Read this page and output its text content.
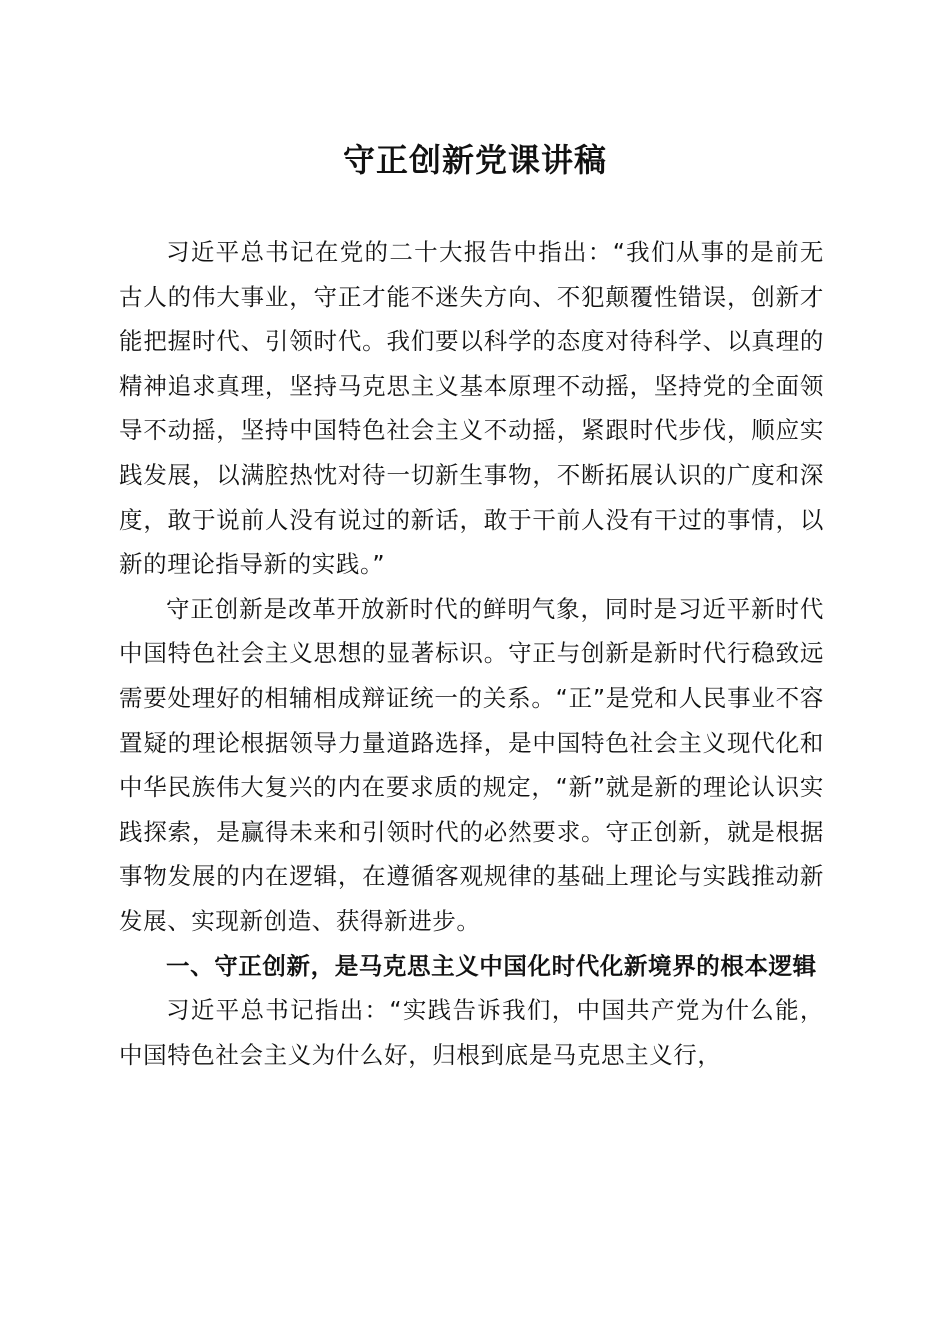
守正创新党课讲稿

习近平总书记在党的二十大报告中指出：“我们从事的是前无古人的伟大事业，守正才能不迷失方向、不犯颠覆性错误，创新才能把握时代、引领时代。我们要以科学的态度对待科学、以真理的精神追求真理，坚持马克思主义基本原理不动摇，坚持党的全面领导不动摇，坚持中国特色社会主义不动摇，紧跟时代步伐，顺应实践发展，以满腔热忱对待一切新生事物，不断拓展认识的广度和深度，敢于说前人没有说过的新话，敢于干前人没有干过的事情，以新的理论指导新的实践。”

守正创新是改革开放新时代的鲜明气象，同时是习近平新时代中国特色社会主义思想的显著标识。守正与创新是新时代行稳致远需要处理好的相辅相成辩证统一的关系。“正”是党和人民事业不容置疑的理论根据领导力量道路选择，是中国特色社会主义现代化和中华民族伟大复兴的内在要求质的规定，“新”就是新的理论认识实践探索，是赢得未来和引领时代的必然要求。守正创新，就是根据事物发展的内在逻辑，在遵循客观规律的基础上理论与实践推动新发展、实现新创造、获得新进步。

一、守正创新，是马克思主义中国化时代化新境界的根本逻辑

习近平总书记指出：“实践告诉我们，中国共产党为什么能，中国特色社会主义为什么好，归根到底是马克思主义行，
